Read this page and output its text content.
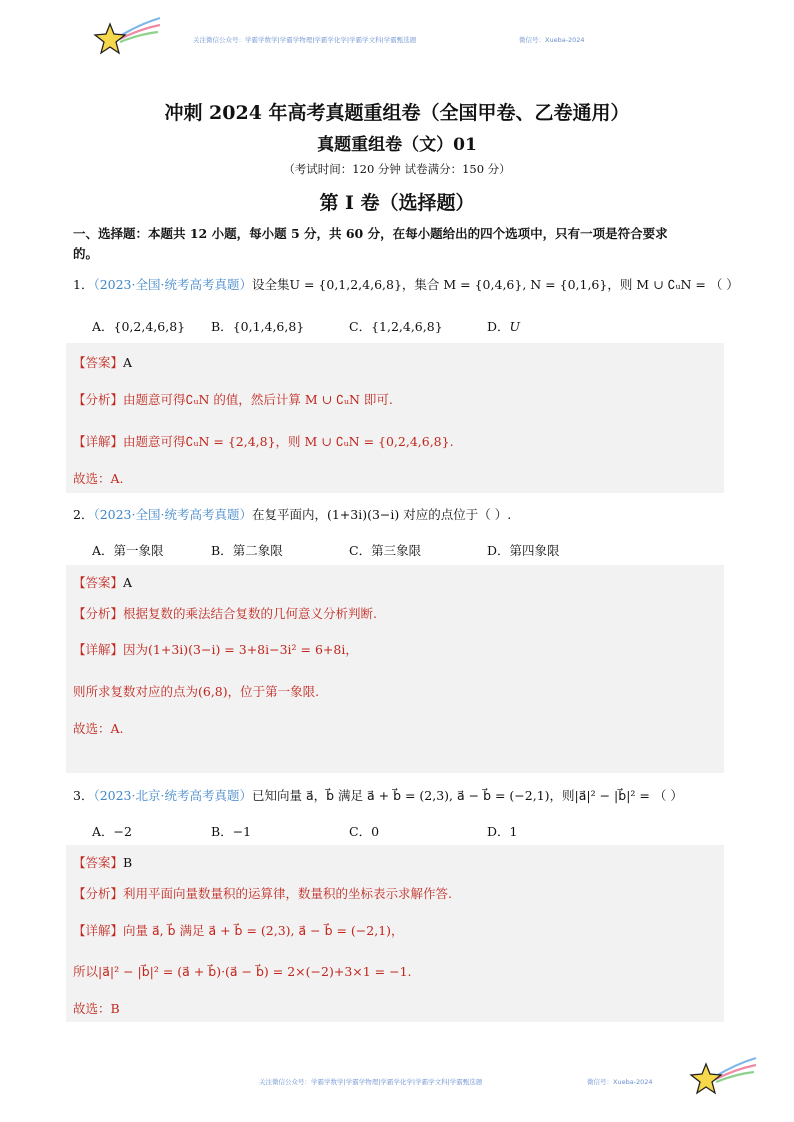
关注微信公众号：学霸学数学|学霸学物理|学霸学化学|学霸学文科|学霸甄选题	微信号：Xueba-2024
冲刺 2024 年高考真题重组卷（全国甲卷、乙卷通用）
真题重组卷（文）01
（考试时间：120 分钟 试卷满分：150 分）
第 I 卷（选择题）
一、选择题：本题共 12 小题，每小题 5 分，共 60 分，在每小题给出的四个选项中，只有一项是符合要求
的。
1．（2023·全国·统考高考真题）设全集U = {0,1,2,4,6,8}，集合 M = {0,4,6}, N = {0,1,6}，则 M ∪ ∁ᵤN = （ ）
A．{0,2,4,6,8} B．{0,1,4,6,8}	C．{1,2,4,6,8}	D．U
【答案】A
【分析】由题意可得∁ᵤN 的值，然后计算 M ∪ ∁ᵤN 即可.
【详解】由题意可得∁ᵤN = {2,4,8}，则 M ∪ ∁ᵤN = {0,2,4,6,8}.
故选：A.
2．（2023·全国·统考高考真题）在复平面内，(1+3i)(3−i) 对应的点位于（ ）.
A．第一象限	B．第二象限	C．第三象限	D．第四象限
【答案】A
【分析】根据复数的乘法结合复数的几何意义分析判断.
【详解】因为(1+3i)(3−i) = 3+8i−3i² = 6+8i，
则所求复数对应的点为(6,8)，位于第一象限.
故选：A.
3．（2023·北京·统考高考真题）已知向量 a⃗，b⃗ 满足 a⃗ + b⃗ = (2,3), a⃗ − b⃗ = (−2,1)，则|a⃗|² − |b⃗|² = （ ）
A．−2	B．−1	C．0	D．1
【答案】B
【分析】利用平面向量数量积的运算律，数量积的坐标表示求解作答.
【详解】向量 a⃗, b⃗ 满足 a⃗ + b⃗ = (2,3), a⃗ − b⃗ = (−2,1)，
所以|a⃗|² − |b⃗|² = (a⃗ + b⃗)·(a⃗ − b⃗) = 2×(−2)+3×1 = −1.
故选：B
关注微信公众号：学霸学数学|学霸学物理|学霸学化学|学霸学文科|学霸甄选题	微信号：Xueba-2024
